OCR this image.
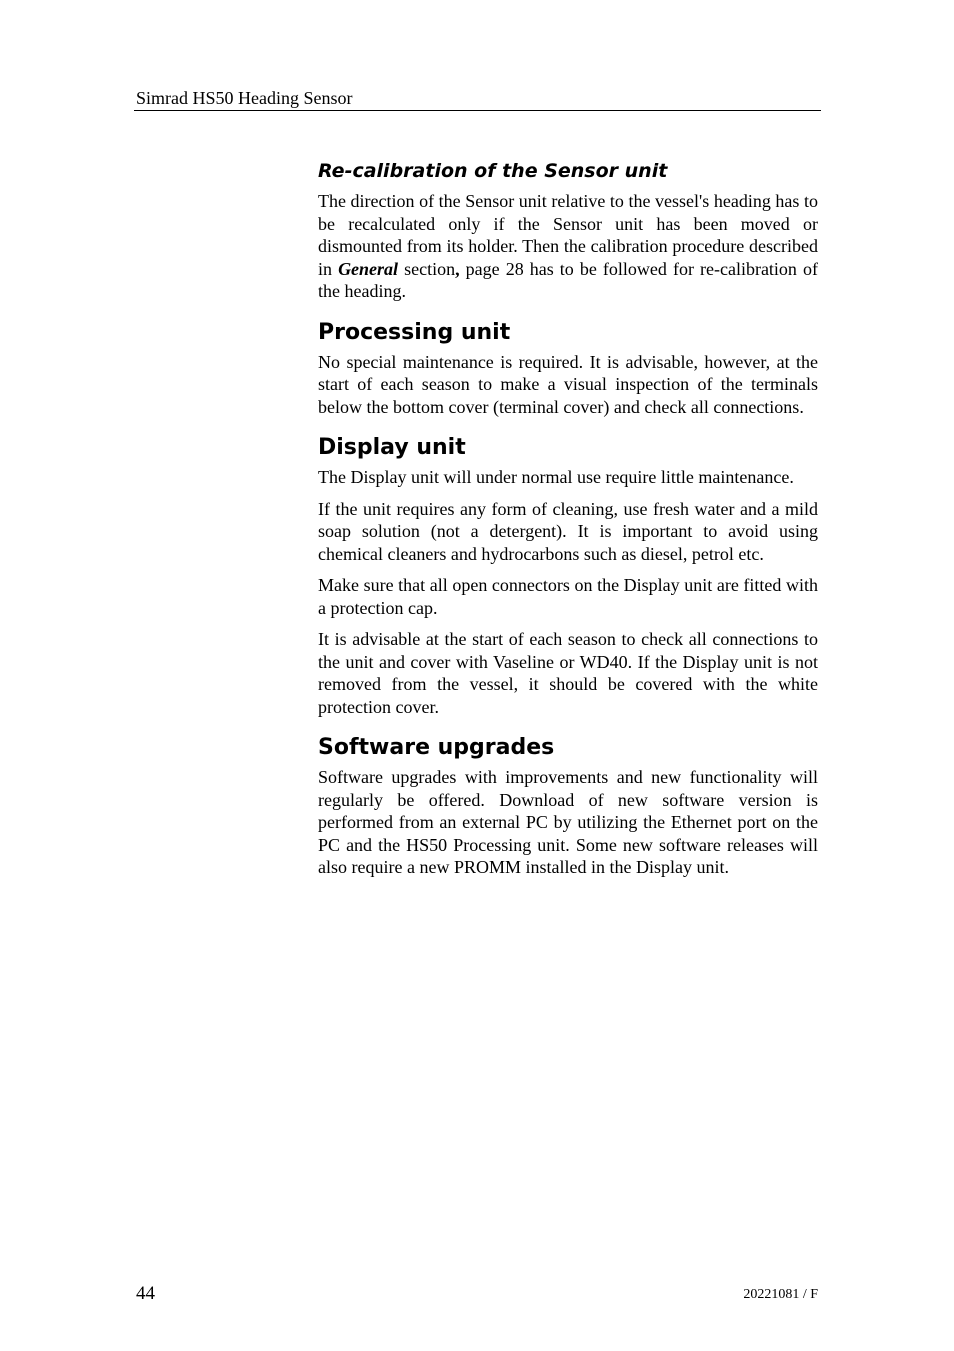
Simrad HS50 Heading Sensor
Re-calibration of the Sensor unit

The direction of the Sensor unit relative to the vessel's heading has to be recalculated only if the Sensor unit has been moved or dismounted from its holder. Then the calibration procedure described in General section, page 28 has to be followed for re-calibration of the heading.

Processing unit

No special maintenance is required. It is advisable, however, at the start of each season to make a visual inspection of the terminals below the bottom cover (terminal cover) and check all connections.

Display unit

The Display unit will under normal use require little maintenance.

If the unit requires any form of cleaning, use fresh water and a mild soap solution (not a detergent). It is important to avoid using chemical cleaners and hydrocarbons such as diesel, petrol etc.

Make sure that all open connectors on the Display unit are fitted with a protection cap.

It is advisable at the start of each season to check all connections to the unit and cover with Vaseline or WD40. If the Display unit is not removed from the vessel, it should be covered with the white protection cover.

Software upgrades

Software upgrades with improvements and new functionality will regularly be offered. Download of new software version is performed from an external PC by utilizing the Ethernet port on the PC and the HS50 Processing unit. Some new software releases will also require a new PROMM installed in the Display unit.

44	20221081 / F
